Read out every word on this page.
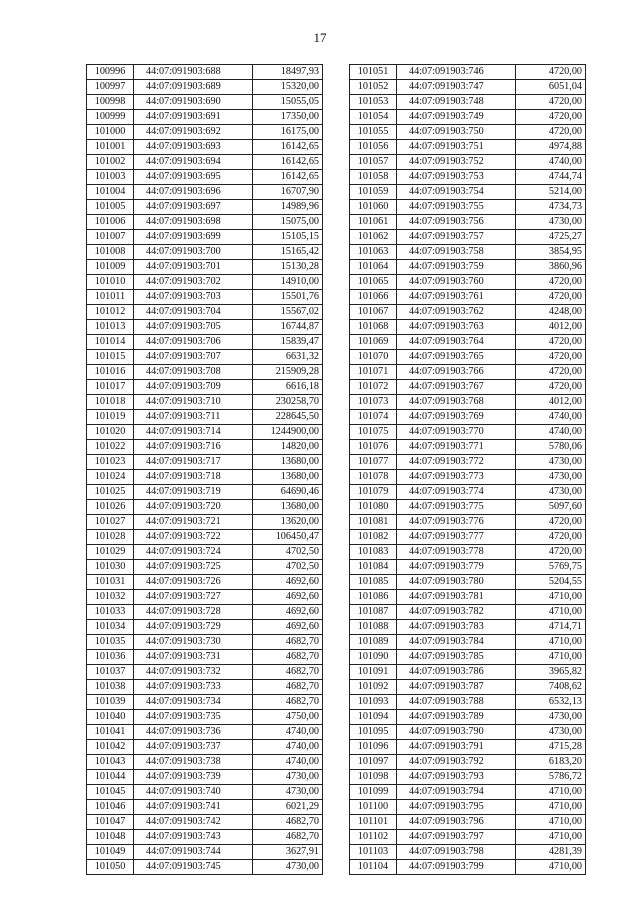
17
100996	44:07:091903:688	18497,93
100997	44:07:091903:689	15320,00
100998	44:07:091903:690	15055,05
100999	44:07:091903:691	17350,00
101000	44:07:091903:692	16175,00
101001	44:07:091903:693	16142,65
101002	44:07:091903:694	16142,65
101003	44:07:091903:695	16142,65
101004	44:07:091903:696	16707,90
101005	44:07:091903:697	14989,96
101006	44:07:091903:698	15075,00
101007	44:07:091903:699	15105,15
101008	44:07:091903:700	15165,42
101009	44:07:091903:701	15130,28
101010	44:07:091903:702	14910,00
101011	44:07:091903:703	15501,76
101012	44:07:091903:704	15567,02
101013	44:07:091903:705	16744,87
101014	44:07:091903:706	15839,47
101015	44:07:091903:707	6631,32
101016	44:07:091903:708	215909,28
101017	44:07:091903:709	6616,18
101018	44:07:091903:710	230258,70
101019	44:07:091903:711	228645,50
101020	44:07:091903:714	1244900,00
101022	44:07:091903:716	14820,00
101023	44:07:091903:717	13680,00
101024	44:07:091903:718	13680,00
101025	44:07:091903:719	64690,46
101026	44:07:091903:720	13680,00
101027	44:07:091903:721	13620,00
101028	44:07:091903:722	106450,47
101029	44:07:091903:724	4702,50
101030	44:07:091903:725	4702,50
101031	44:07:091903:726	4692,60
101032	44:07:091903:727	4692,60
101033	44:07:091903:728	4692,60
101034	44:07:091903:729	4692,60
101035	44:07:091903:730	4682,70
101036	44:07:091903:731	4682,70
101037	44:07:091903:732	4682,70
101038	44:07:091903:733	4682,70
101039	44:07:091903:734	4682,70
101040	44:07:091903:735	4750,00
101041	44:07:091903:736	4740,00
101042	44:07:091903:737	4740,00
101043	44:07:091903:738	4740,00
101044	44:07:091903:739	4730,00
101045	44:07:091903:740	4730,00
101046	44:07:091903:741	6021,29
101047	44:07:091903:742	4682,70
101048	44:07:091903:743	4682,70
101049	44:07:091903:744	3627,91
101050	44:07:091903:745	4730,00
101051	44:07:091903:746	4720,00
101052	44:07:091903:747	6051,04
101053	44:07:091903:748	4720,00
101054	44:07:091903:749	4720,00
101055	44:07:091903:750	4720,00
101056	44:07:091903:751	4974,88
101057	44:07:091903:752	4740,00
101058	44:07:091903:753	4744,74
101059	44:07:091903:754	5214,00
101060	44:07:091903:755	4734,73
101061	44:07:091903:756	4730,00
101062	44:07:091903:757	4725,27
101063	44:07:091903:758	3854,95
101064	44:07:091903:759	3860,96
101065	44:07:091903:760	4720,00
101066	44:07:091903:761	4720,00
101067	44:07:091903:762	4248,00
101068	44:07:091903:763	4012,00
101069	44:07:091903:764	4720,00
101070	44:07:091903:765	4720,00
101071	44:07:091903:766	4720,00
101072	44:07:091903:767	4720,00
101073	44:07:091903:768	4012,00
101074	44:07:091903:769	4740,00
101075	44:07:091903:770	4740,00
101076	44:07:091903:771	5780,06
101077	44:07:091903:772	4730,00
101078	44:07:091903:773	4730,00
101079	44:07:091903:774	4730,00
101080	44:07:091903:775	5097,60
101081	44:07:091903:776	4720,00
101082	44:07:091903:777	4720,00
101083	44:07:091903:778	4720,00
101084	44:07:091903:779	5769,75
101085	44:07:091903:780	5204,55
101086	44:07:091903:781	4710,00
101087	44:07:091903:782	4710,00
101088	44:07:091903:783	4714,71
101089	44:07:091903:784	4710,00
101090	44:07:091903:785	4710,00
101091	44:07:091903:786	3965,82
101092	44:07:091903:787	7408,62
101093	44:07:091903:788	6532,13
101094	44:07:091903:789	4730,00
101095	44:07:091903:790	4730,00
101096	44:07:091903:791	4715,28
101097	44:07:091903:792	6183,20
101098	44:07:091903:793	5786,72
101099	44:07:091903:794	4710,00
101100	44:07:091903:795	4710,00
101101	44:07:091903:796	4710,00
101102	44:07:091903:797	4710,00
101103	44:07:091903:798	4281,39
101104	44:07:091903:799	4710,00
